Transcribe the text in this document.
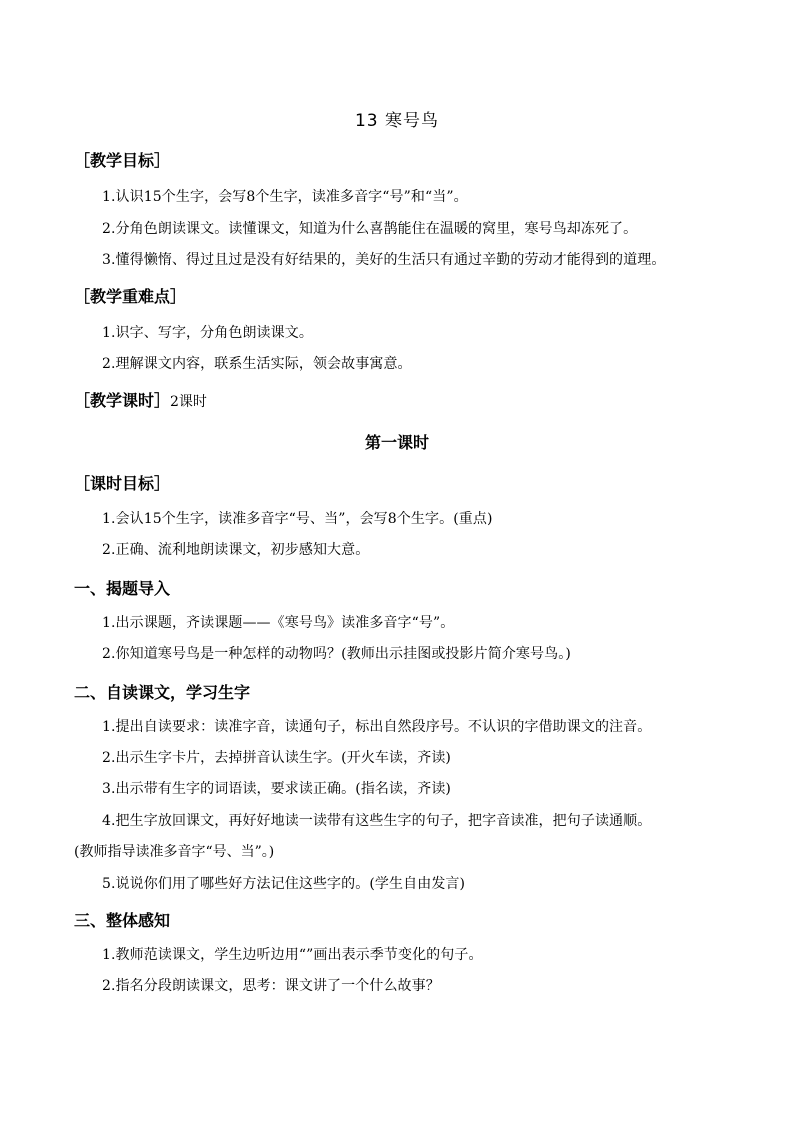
13 寒号鸟
［教学目标］
1.认识15个生字，会写8个生字，读准多音字“号”和“当”。
2.分角色朗读课文。读懂课文，知道为什么喜鹊能住在温暖的窝里，寒号鸟却冻死了。
3.懂得懒惰、得过且过是没有好结果的，美好的生活只有通过辛勤的劳动才能得到的道理。
［教学重难点］
1.识字、写字，分角色朗读课文。
2.理解课文内容，联系生活实际，领会故事寓意。
［教学课时］2课时
第一课时
［课时目标］
1.会认15个生字，读准多音字“号、当”，会写8个生字。(重点)
2.正确、流利地朗读课文，初步感知大意。
一、揭题导入
1.出示课题，齐读课题——《寒号鸟》读准多音字“号”。
2.你知道寒号鸟是一种怎样的动物吗？(教师出示挂图或投影片简介寒号鸟。)
二、自读课文，学习生字
1.提出自读要求：读准字音，读通句子，标出自然段序号。不认识的字借助课文的注音。
2.出示生字卡片，去掉拼音认读生字。(开火车读，齐读)
3.出示带有生字的词语读，要求读正确。(指名读，齐读)
4.把生字放回课文，再好好地读一读带有这些生字的句子，把字音读准，把句子读通顺。
(教师指导读准多音字“号、当”。)
5.说说你们用了哪些好方法记住这些字的。(学生自由发言)
三、整体感知
1.教师范读课文，学生边听边用“”画出表示季节变化的句子。
2.指名分段朗读课文，思考：课文讲了一个什么故事？
